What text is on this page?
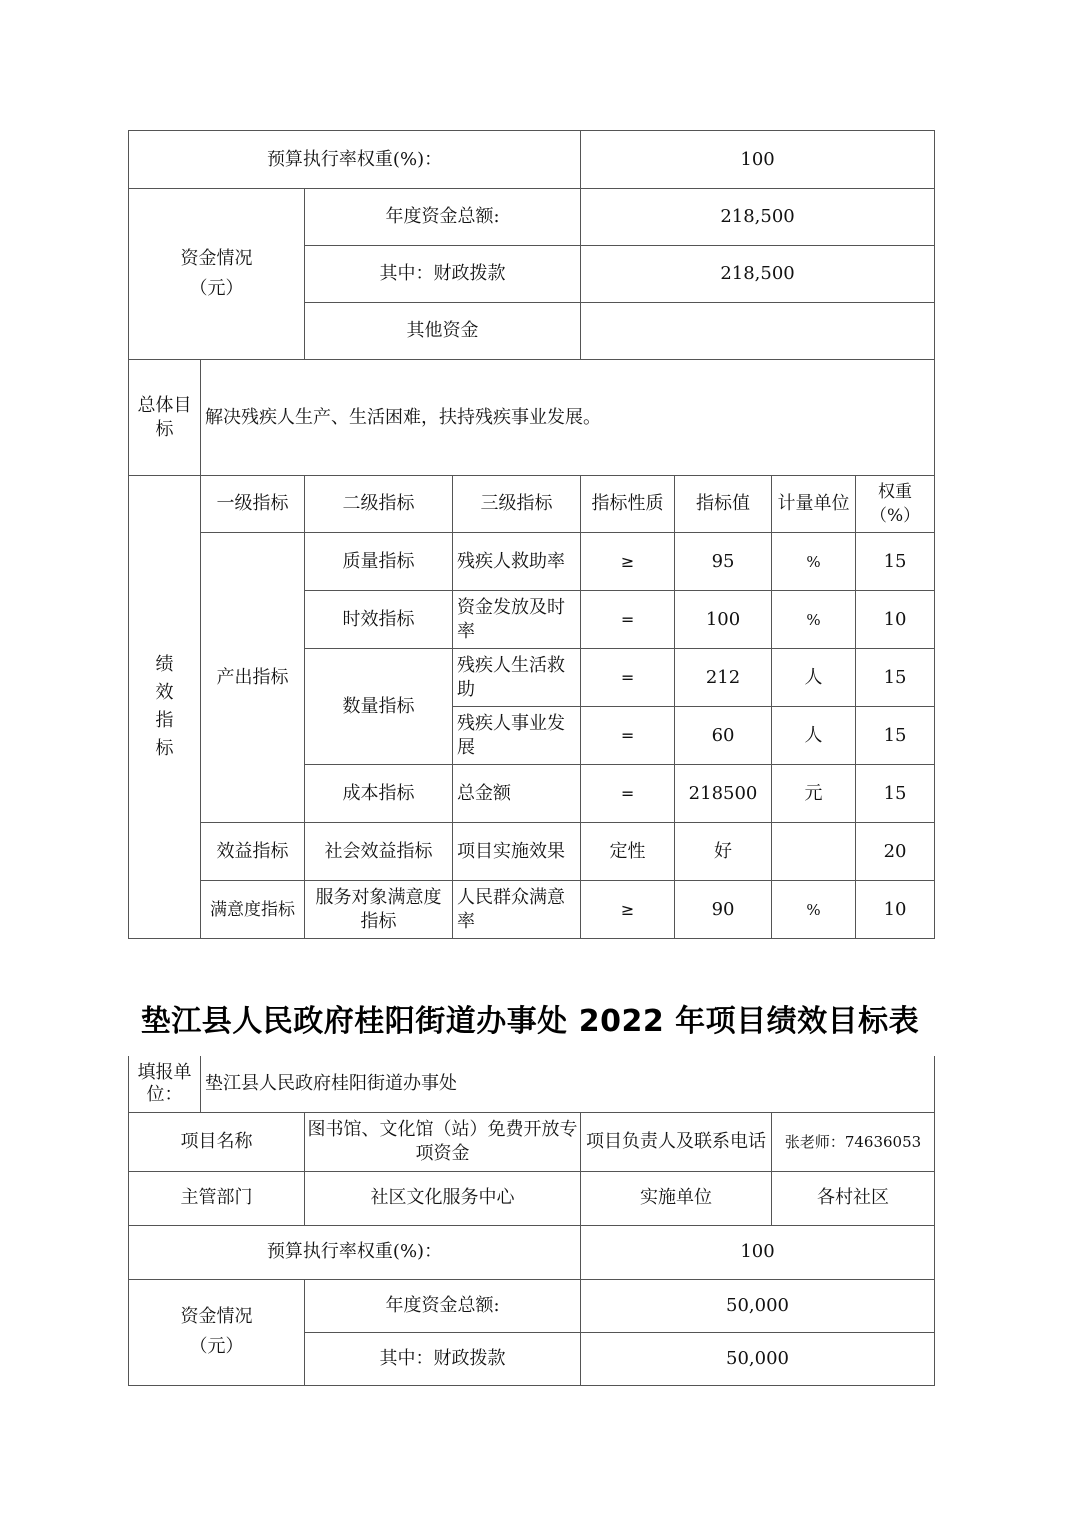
预算执行率权重(%)：				100			

资金情况（元）		年度资金总额:		218,500			
		其中：财政拨款		218,500			
		其他资金					

总体目标	解决残疾人生产、生活困难，扶持残疾事业发展。						

绩效指标	一级指标	二级指标	三级指标	指标性质	指标值	计量单位	权重（%）
	产出指标	质量指标	残疾人救助率	≥	95	%	15
		时效指标	资金发放及时率	=	100	%	10
		数量指标	残疾人生活救助	=	212	人	15
			残疾人事业发展	=	60	人	15
		成本指标	总金额	=	218500	元	15
	效益指标	社会效益指标	项目实施效果	定性	好		20
	满意度指标	服务对象满意度指标	人民群众满意率	≥	90	%	10
垫江县人民政府桂阳街道办事处 2022 年项目绩效目标表
填报单位：	垫江县人民政府桂阳街道办事处			
项目名称		图书馆、文化馆（站）免费开放专项资金	项目负责人及联系电话	张老师：74636053
主管部门		社区文化服务中心	实施单位	各村社区
预算执行率权重(%)：			100	

资金情况（元）		年度资金总额:	50,000	
		其中：财政拨款	50,000	
